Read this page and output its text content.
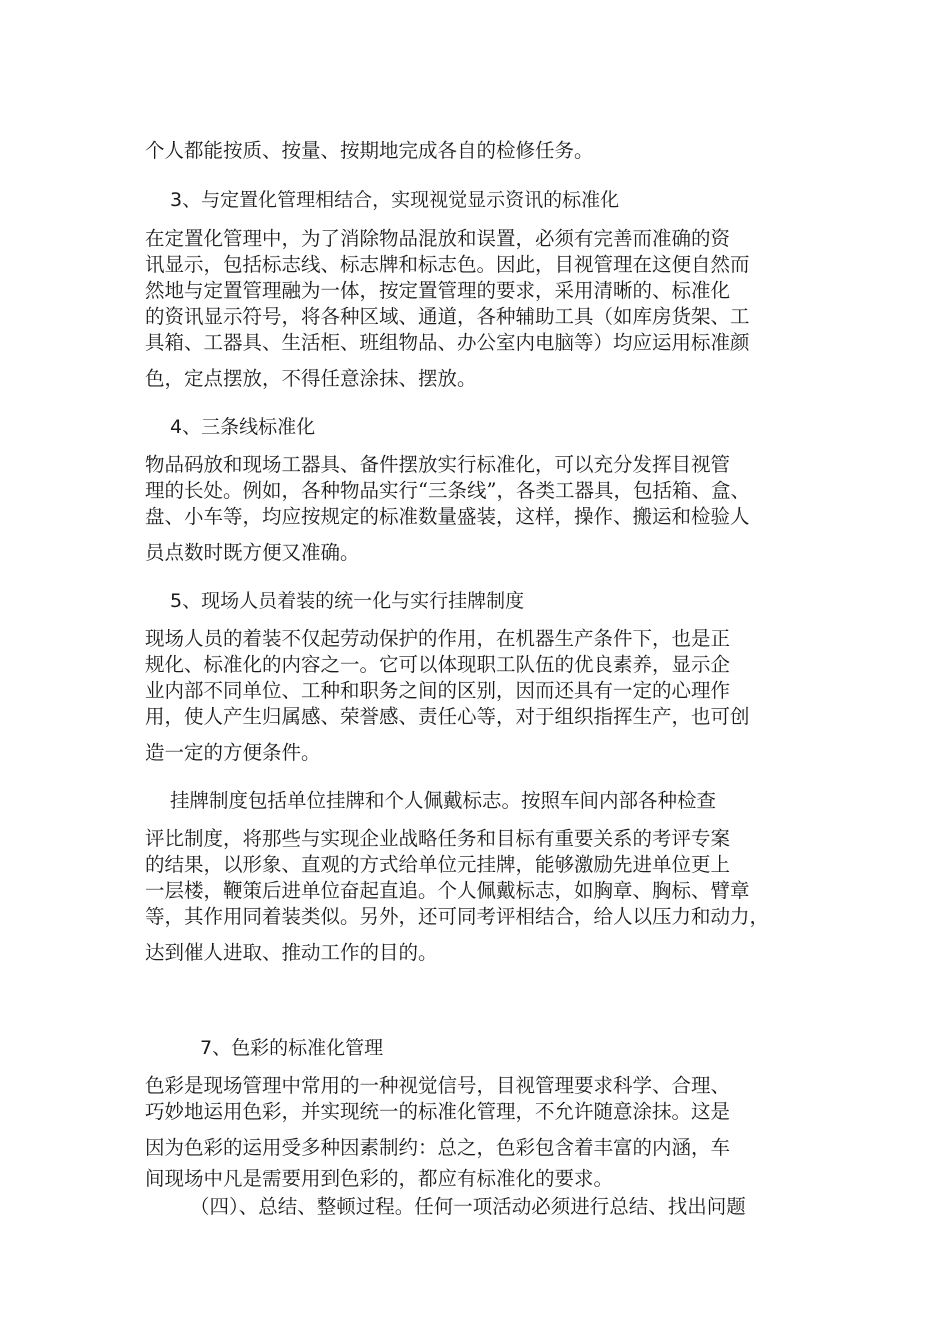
个人都能按质、按量、按期地完成各自的检修任务。
3、与定置化管理相结合，实现视觉显示资讯的标准化
在定置化管理中，为了消除物品混放和误置，必须有完善而准确的资
讯显示，包括标志线、标志牌和标志色。因此，目视管理在这便自然而
然地与定置管理融为一体，按定置管理的要求，采用清晰的、标准化
的资讯显示符号，将各种区域、通道，各种辅助工具（如库房货架、工
具箱、工器具、生活柜、班组物品、办公室内电脑等）均应运用标准颜
色，定点摆放，不得任意涂抹、摆放。
4、三条线标准化
物品码放和现场工器具、备件摆放实行标准化，可以充分发挥目视管
理的长处。例如，各种物品实行“三条线”，各类工器具，包括箱、盒、
盘、小车等，均应按规定的标准数量盛装，这样，操作、搬运和检验人
员点数时既方便又准确。
5、现场人员着装的统一化与实行挂牌制度
现场人员的着装不仅起劳动保护的作用，在机器生产条件下，也是正
规化、标准化的内容之一。它可以体现职工队伍的优良素养，显示企
业内部不同单位、工种和职务之间的区别，因而还具有一定的心理作
用，使人产生归属感、荣誉感、责任心等，对于组织指挥生产，也可创
造一定的方便条件。
挂牌制度包括单位挂牌和个人佩戴标志。按照车间内部各种检查
评比制度，将那些与实现企业战略任务和目标有重要关系的考评专案
的结果，以形象、直观的方式给单位元挂牌，能够激励先进单位更上
一层楼，鞭策后进单位奋起直追。个人佩戴标志，如胸章、胸标、臂章
等，其作用同着装类似。另外，还可同考评相结合，给人以压力和动力，
达到催人进取、推动工作的目的。
7、色彩的标准化管理
色彩是现场管理中常用的一种视觉信号，目视管理要求科学、合理、
巧妙地运用色彩，并实现统一的标准化管理，不允许随意涂抹。这是
因为色彩的运用受多种因素制约：总之，色彩包含着丰富的内涵，车
间现场中凡是需要用到色彩的，都应有标准化的要求。
（四）、总结、整顿过程。任何一项活动必须进行总结、找出问题
